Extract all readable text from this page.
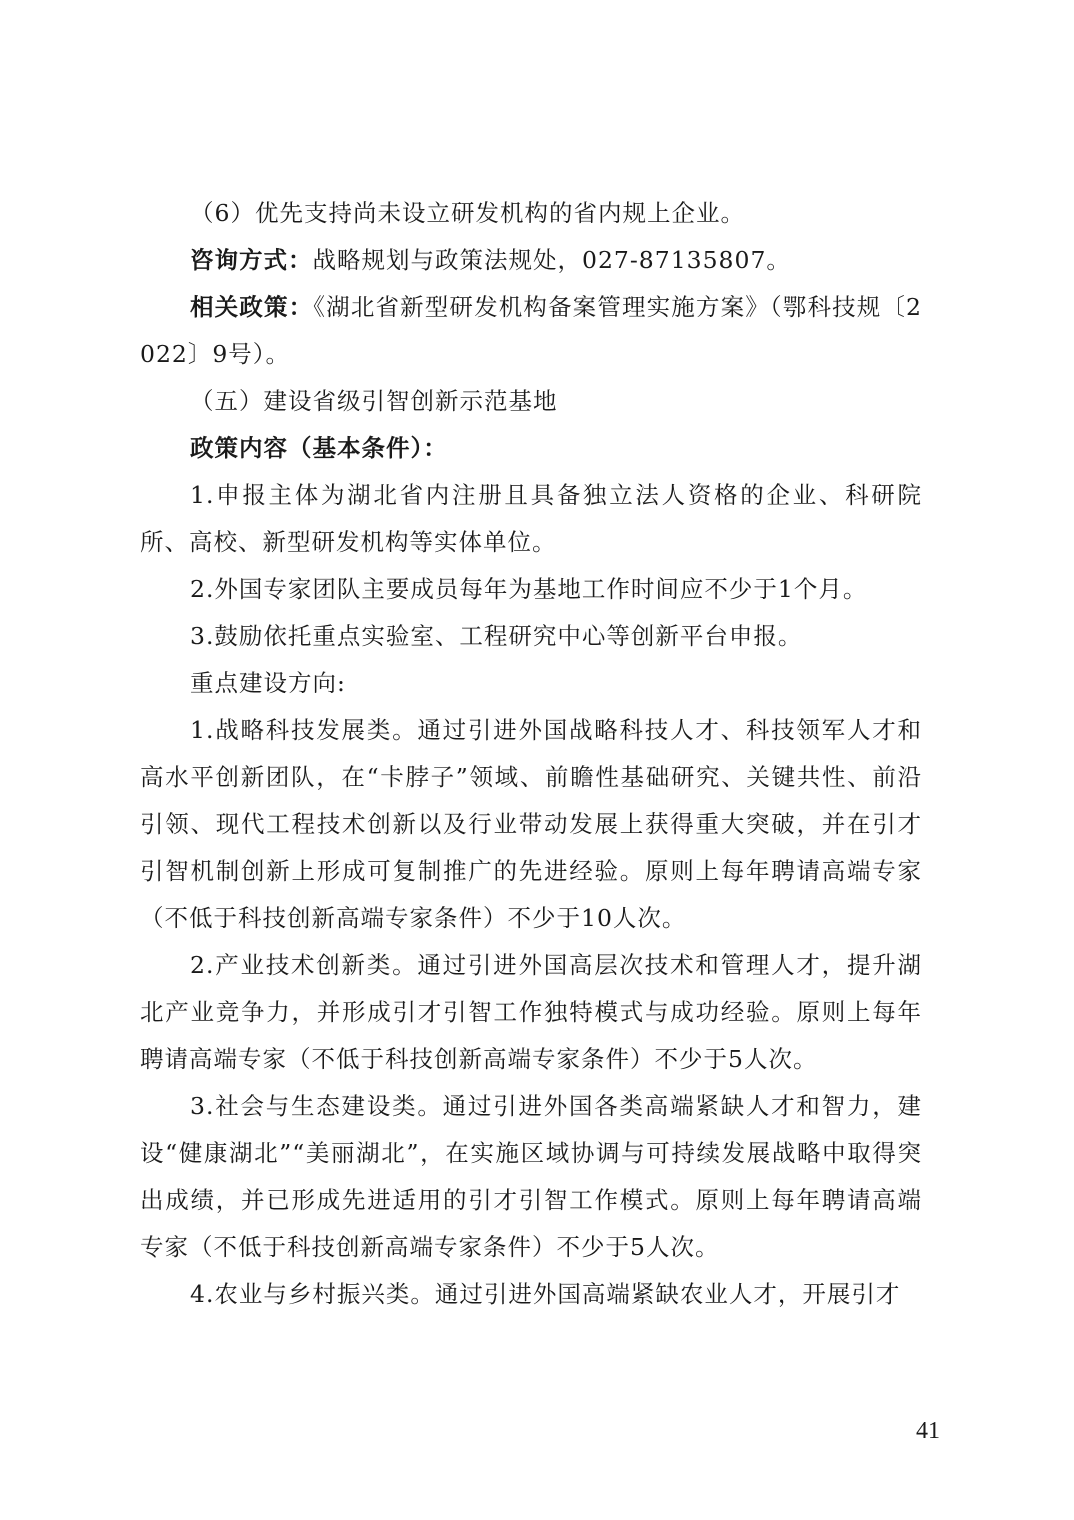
（6）优先支持尚未设立研发机构的省内规上企业。

咨询方式：战略规划与政策法规处，027-87135807。

相关政策：《湖北省新型研发机构备案管理实施方案》（鄂科技规〔2022〕9号）。

（五）建设省级引智创新示范基地

政策内容（基本条件）：

1.申报主体为湖北省内注册且具备独立法人资格的企业、科研院所、高校、新型研发机构等实体单位。

2.外国专家团队主要成员每年为基地工作时间应不少于1个月。

3.鼓励依托重点实验室、工程研究中心等创新平台申报。

重点建设方向:

1.战略科技发展类。通过引进外国战略科技人才、科技领军人才和高水平创新团队，在“卡脖子”领域、前瞻性基础研究、关键共性、前沿引领、现代工程技术创新以及行业带动发展上获得重大突破，并在引才引智机制创新上形成可复制推广的先进经验。原则上每年聘请高端专家（不低于科技创新高端专家条件）不少于10人次。

2.产业技术创新类。通过引进外国高层次技术和管理人才，提升湖北产业竞争力，并形成引才引智工作独特模式与成功经验。原则上每年聘请高端专家（不低于科技创新高端专家条件）不少于5人次。

3.社会与生态建设类。通过引进外国各类高端紧缺人才和智力，建设“健康湖北”“美丽湖北”，在实施区域协调与可持续发展战略中取得突出成绩，并已形成先进适用的引才引智工作模式。原则上每年聘请高端专家（不低于科技创新高端专家条件）不少于5人次。

4.农业与乡村振兴类。通过引进外国高端紧缺农业人才，开展引才

41
